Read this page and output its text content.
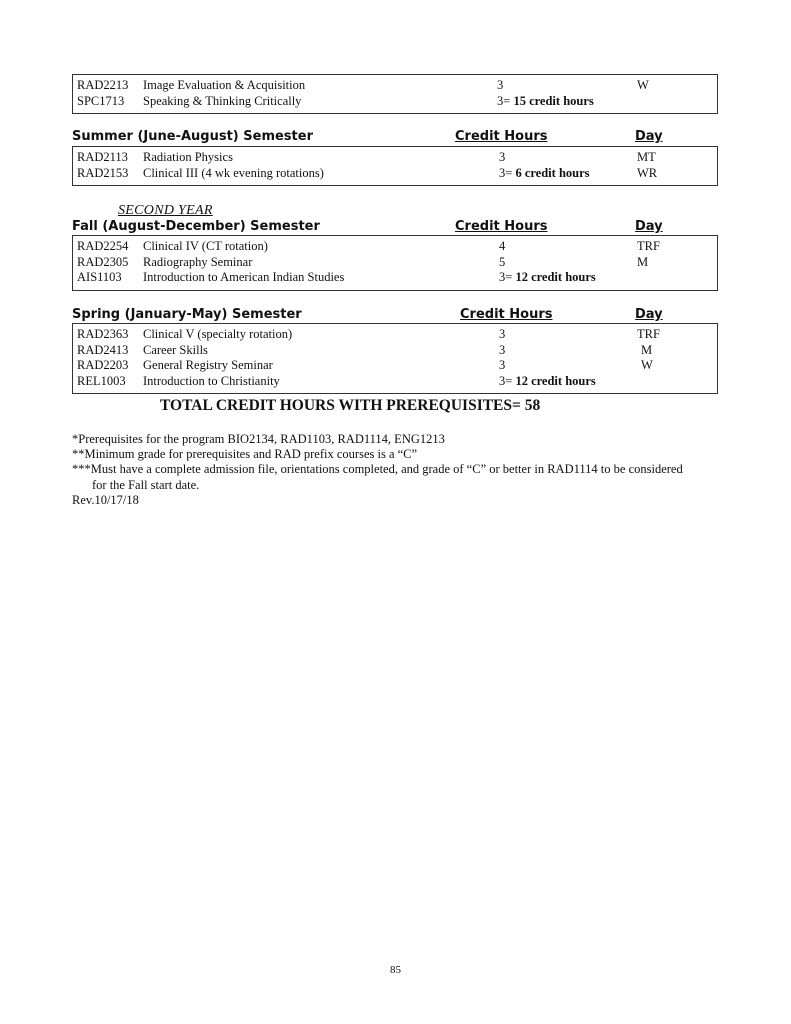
RAD2213 Image Evaluation & Acquisition	3	W
SPC1713 Speaking & Thinking Critically	3= 15 credit hours
Summer (June-August) Semester	Credit Hours	Day
RAD2113 Radiation Physics	3	MT
RAD2153 Clinical III (4 wk evening rotations)	3= 6 credit hours	WR
SECOND YEAR
Fall (August-December) Semester	Credit Hours	Day
RAD2254 Clinical IV (CT rotation)	4	TRF
RAD2305 Radiography Seminar	5	M
AIS1103 Introduction to American Indian Studies	3= 12 credit hours
Spring (January-May) Semester	Credit Hours	Day
RAD2363 Clinical V (specialty rotation)	3	TRF
RAD2413 Career Skills	3	M
RAD2203 General Registry Seminar	3	W
REL1003 Introduction to Christianity	3= 12 credit hours
TOTAL CREDIT HOURS WITH PREREQUISITES= 58

*Prerequisites for the program BIO2134, RAD1103, RAD1114, ENG1213

**Minimum grade for prerequisites and RAD prefix courses is a “C”

***Must have a complete admission file, orientations completed, and grade of “C” or better in RAD1114 to be considered
for the Fall start date.

Rev.10/17/18

85
